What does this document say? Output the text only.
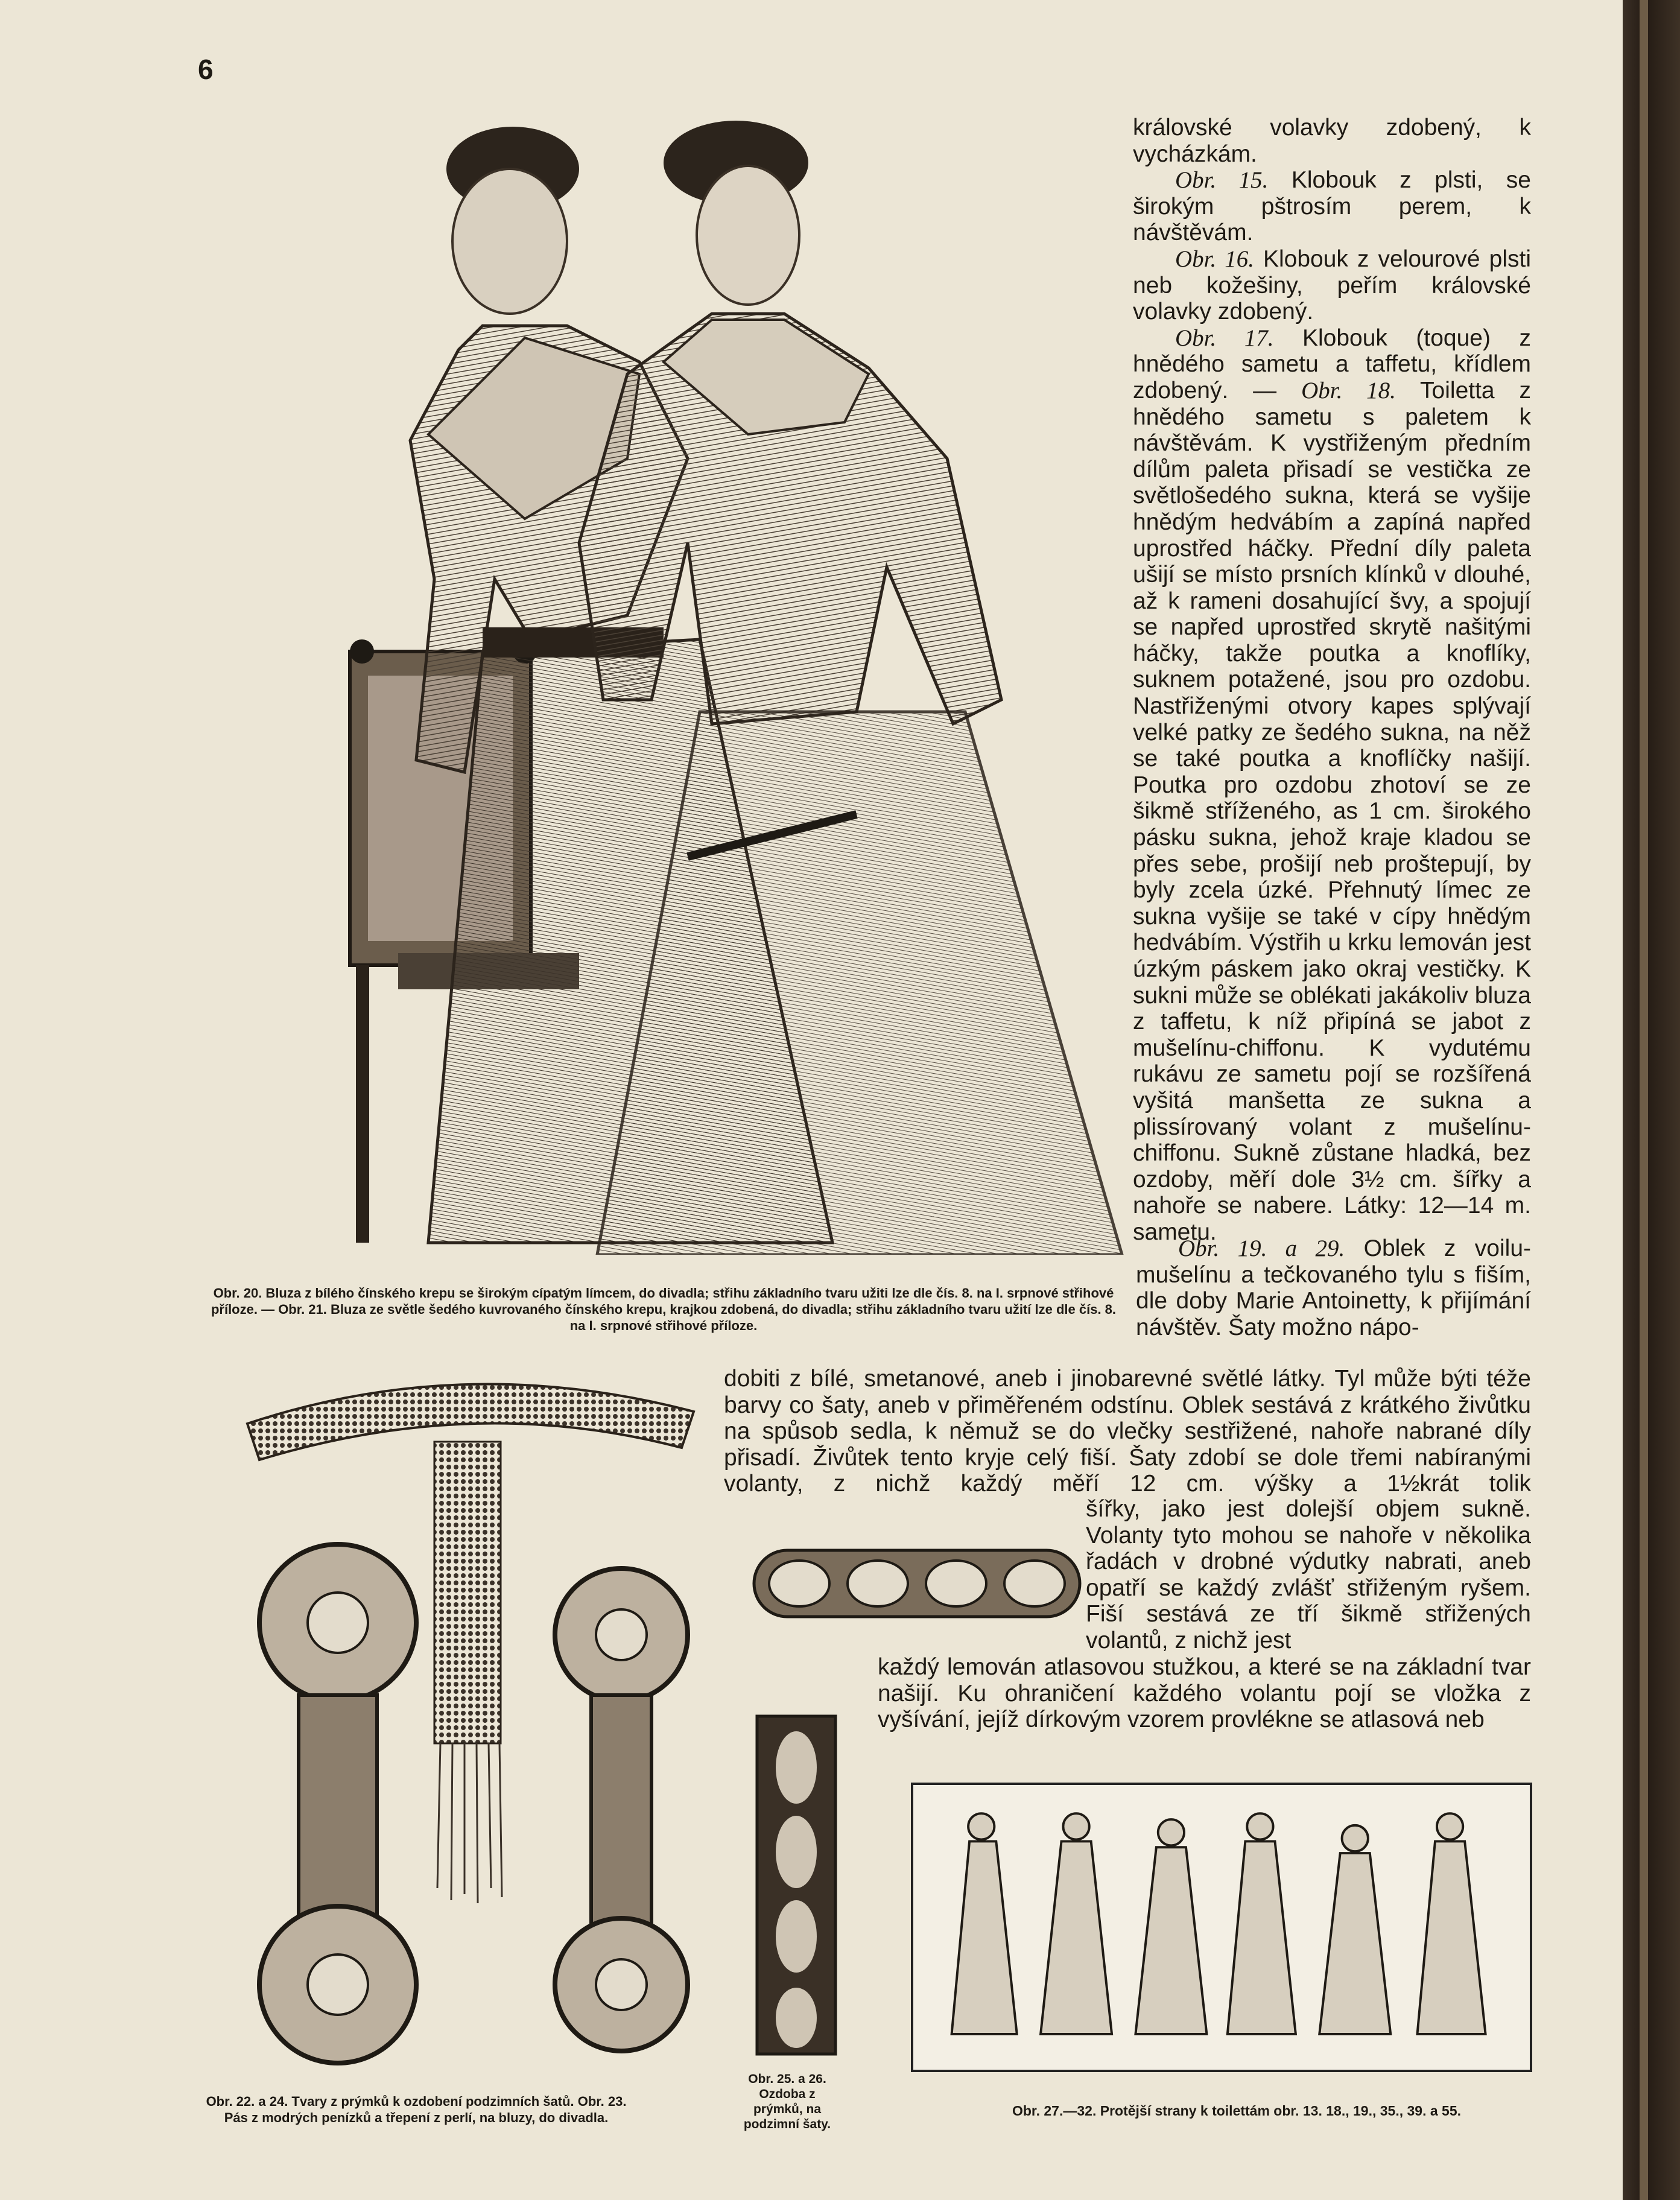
6

královské volavky zdobený, k vycházkám.

Obr. 15. Klobouk z plsti, se širokým pštrosím perem, k návštěvám.

Obr. 16. Klobouk z velourové plsti neb kožešiny, peřím královské volavky zdobený.

Obr. 17. Klobouk (toque) z hnědého sametu a taffetu, křídlem zdobený. — Obr. 18. Toiletta z hnědého sametu s paletem k návštěvám. K vystřiženým předním dílům paleta přisadí se vestička ze světlošedého sukna, která se vyšije hnědým hedvábím a zapíná napřed uprostřed háčky. Přední díly paleta ušijí se místo prsních klínků v dlouhé, až k rameni dosahující švy, a spojují se napřed uprostřed skrytě našitými háčky, takže poutka a knoflíky, suknem potažené, jsou pro ozdobu. Nastřiženými otvory kapes splývají velké patky ze šedého sukna, na něž se také poutka a knoflíčky našijí. Poutka pro ozdobu zhotoví se ze šikmě stříženého, as 1 cm. širokého pásku sukna, jehož kraje kladou se přes sebe, prošijí neb proštepují, by byly zcela úzké. Přehnutý límec ze sukna vyšije se také v cípy hnědým hedvábím. Výstřih u krku lemován jest úzkým páskem jako okraj vestičky. K sukni může se oblékati jakákoliv bluza z taffetu, k níž připíná se jabot z mušelínu-chiffonu. K vydutému rukávu ze sametu pojí se rozšířená vyšitá manšetta ze sukna a plissírovaný volant z mušelínu-chiffonu. Sukně zůstane hladká, bez ozdoby, měří dole 3½ cm. šířky a nahoře se nabere. Látky: 12—14 m. sametu.

Obr. 19. a 29. Oblek z voilu-mušelínu a tečkovaného tylu s fiším, dle doby Marie Antoinetty, k přijímání návštěv. Šaty možno nápo-

dobiti z bílé, smetanové, aneb i jinobarevné světlé látky. Tyl může býti téže barvy co šaty, aneb v přiměřeném odstínu. Oblek sestává z krátkého živůtku na spůsob sedla, k němuž se do vlečky sestřižené, nahoře nabrané díly přisadí. Živůtek tento kryje celý fiší. Šaty zdobí se dole třemi nabíranými volanty, z nichž každý měří 12 cm. výšky a 1½krát tolik
šířky, jako jest dolejší objem sukně. Volanty tyto mohou se nahoře v několika řadách v drobné výdutky nabrati, aneb opatří se každý zvlášť střiženým ryšem. Fiší sestává ze tří šikmě střižených volantů, z nichž jest
každý lemován atlasovou stužkou, a které se na základní tvar našijí. Ku ohraničení každého volantu pojí se vložka z vyšívání, jejíž dírkovým vzorem provlékne se atlasová neb
Obr. 20. Bluza z bílého čínského krepu se širokým cípatým límcem, do divadla; střihu základního tvaru užiti lze dle čís. 8. na I. srpnové střihové příloze. — Obr. 21. Bluza ze světle šedého kuvrovaného čínského krepu, krajkou zdobená, do divadla; střihu základního tvaru užití lze dle čís. 8. na I. srpnové střihové příloze.
Obr. 22. a 24. Tvary z prýmků k ozdobení podzimních šatů. Obr. 23. Pás z modrých penízků a třepení z perlí, na bluzy, do divadla.
Obr. 25. a 26.
Ozdoba z prýmků, na podzimní šaty.
Obr. 27.—32. Protější strany k toilettám obr. 13. 18., 19., 35., 39. a 55.
